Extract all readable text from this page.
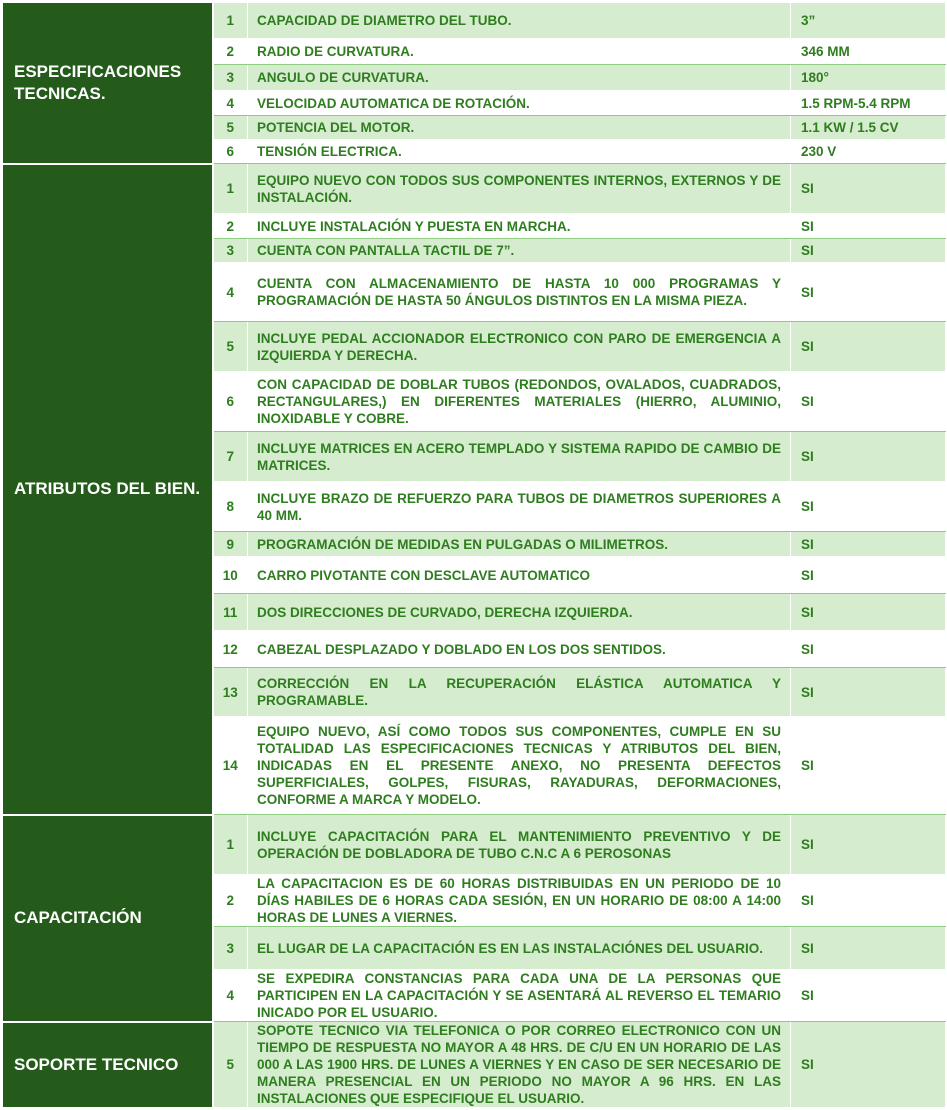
ESPECIFICACIONES TECNICAS.	1	CAPACIDAD DE DIAMETRO DEL TUBO.	3”
	2	RADIO DE CURVATURA.	346 MM
	3	ANGULO DE CURVATURA.	180°
	4	VELOCIDAD AUTOMATICA DE ROTACIÓN.	1.5 RPM-5.4 RPM
	5	POTENCIA DEL MOTOR.	1.1 KW / 1.5 CV
	6	TENSIÓN ELECTRICA.	230 V
ATRIBUTOS DEL BIEN.	1	EQUIPO NUEVO CON TODOS SUS COMPONENTES INTERNOS, EXTERNOS Y DE INSTALACIÓN.	SI
	2	INCLUYE INSTALACIÓN Y PUESTA EN MARCHA.	SI
	3	CUENTA CON PANTALLA TACTIL DE 7”.	SI
	4	CUENTA CON ALMACENAMIENTO DE HASTA 10 000 PROGRAMAS Y PROGRAMACIÓN DE HASTA 50 ÁNGULOS DISTINTOS EN LA MISMA PIEZA.	SI
	5	INCLUYE PEDAL ACCIONADOR ELECTRONICO CON PARO DE EMERGENCIA A IZQUIERDA Y DERECHA.	SI
	6	CON CAPACIDAD DE DOBLAR TUBOS (REDONDOS, OVALADOS, CUADRADOS, RECTANGULARES,) EN DIFERENTES MATERIALES (HIERRO, ALUMINIO, INOXIDABLE Y COBRE.	SI
	7	INCLUYE MATRICES EN ACERO TEMPLADO Y SISTEMA RAPIDO DE CAMBIO DE MATRICES.	SI
	8	INCLUYE BRAZO DE REFUERZO PARA TUBOS DE DIAMETROS SUPERIORES A 40 MM.	SI
	9	PROGRAMACIÓN DE MEDIDAS EN PULGADAS O MILIMETROS.	SI
	10	CARRO PIVOTANTE CON DESCLAVE AUTOMATICO	SI
	11	DOS DIRECCIONES DE CURVADO, DERECHA IZQUIERDA.	SI
	12	CABEZAL DESPLAZADO Y DOBLADO EN LOS DOS SENTIDOS.	SI
	13	CORRECCIÓN EN LA RECUPERACIÓN ELÁSTICA AUTOMATICA Y PROGRAMABLE.	SI
	14	EQUIPO NUEVO, ASÍ COMO TODOS SUS COMPONENTES, CUMPLE EN SU TOTALIDAD LAS ESPECIFICACIONES TECNICAS Y ATRIBUTOS DEL BIEN, INDICADAS EN EL PRESENTE ANEXO, NO PRESENTA DEFECTOS SUPERFICIALES, GOLPES, FISURAS, RAYADURAS, DEFORMACIONES, CONFORME A MARCA Y MODELO.	SI
CAPACITACIÓN	1	INCLUYE CAPACITACIÓN PARA EL MANTENIMIENTO PREVENTIVO Y DE OPERACIÓN DE DOBLADORA DE TUBO C.N.C A 6 PEROSONAS	SI
	2	LA CAPACITACION ES DE 60 HORAS DISTRIBUIDAS EN UN PERIODO DE 10 DÍAS HABILES DE 6 HORAS CADA SESIÓN, EN UN HORARIO DE 08:00 A 14:00 HORAS DE LUNES A VIERNES.	SI
	3	EL LUGAR DE LA CAPACITACIÓN ES EN LAS INSTALACIÓNES DEL USUARIO.	SI
	4	SE EXPEDIRA CONSTANCIAS PARA CADA UNA DE LA PERSONAS QUE PARTICIPEN EN LA CAPACITACIÓN Y SE ASENTARÁ AL REVERSO EL TEMARIO INICADO POR EL USUARIO.	SI
SOPORTE TECNICO	5	SOPOTE TECNICO VIA TELEFONICA O POR CORREO ELECTRONICO CON UN TIEMPO DE RESPUESTA NO MAYOR A 48 HRS. DE C/U EN UN HORARIO DE LAS 000 A LAS 1900 HRS. DE LUNES A VIERNES Y EN CASO DE SER NECESARIO DE MANERA PRESENCIAL EN UN PERIODO NO MAYOR A 96 HRS. EN LAS INSTALACIONES QUE ESPECIFIQUE EL USUARIO.	SI
